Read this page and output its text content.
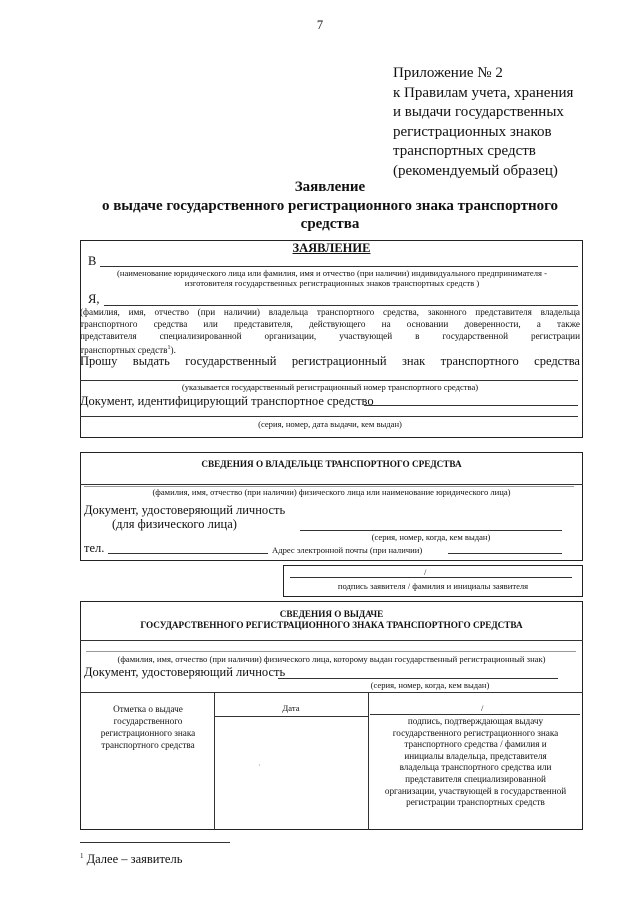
7
Приложение № 2
к Правилам учета, хранения
и выдачи государственных
регистрационных знаков
транспортных средств
(рекомендуемый образец)
Заявление
о выдаче государственного регистрационного знака транспортного
средства
ЗАЯВЛЕНИЕ
В
(наименование юридического лица или фамилия, имя и отчество (при наличии) индивидуального предпринимателя -
изготовителя государственных регистрационных знаков транспортных средств )
Я,
(фамилия, имя, отчество (при наличии) владельца транспортного средства, законного представителя владельца
транспортного средства или представителя, действующего на основании доверенности, а также
представителя специализированной организации, участвующей в государственной регистрации
транспортных средств$^1$).
Прошу выдать государственный регистрационный знак транспортного средства
(указывается государственный регистрационный номер транспортного средства)
Документ, идентифицирующий транспортное средство
(серия, номер, дата выдачи, кем выдан)
СВЕДЕНИЯ О ВЛАДЕЛЬЦЕ ТРАНСПОРТНОГО СРЕДСТВА
(фамилия, имя, отчество (при наличии) физического лица или наименование юридического лица)
Документ, удостоверяющий личность
(для физического лица)
(серия, номер, когда, кем выдан)
тел.	Адрес электронной почты (при наличии)
/
подпись заявителя / фамилия и инициалы заявителя
СВЕДЕНИЯ О ВЫДАЧЕ
ГОСУДАРСТВЕННОГО РЕГИСТРАЦИОННОГО ЗНАКА ТРАНСПОРТНОГО СРЕДСТВА
(фамилия, имя, отчество (при наличии) физического лица, которому выдан государственный регистрационный знак)
Документ, удостоверяющий личность
(серия, номер, когда, кем выдан)
Отметка о выдаче
государственного
регистрационного знака
транспортного средства
Дата
·
/
подпись, подтверждающая выдачу
государственного регистрационного знака
транспортного средства / фамилия и
инициалы владельца, представителя
владельца транспортного средства или
представителя специализированной
организации, участвующей в государственной
регистрации транспортных средств
$^1$ Далее – заявитель
